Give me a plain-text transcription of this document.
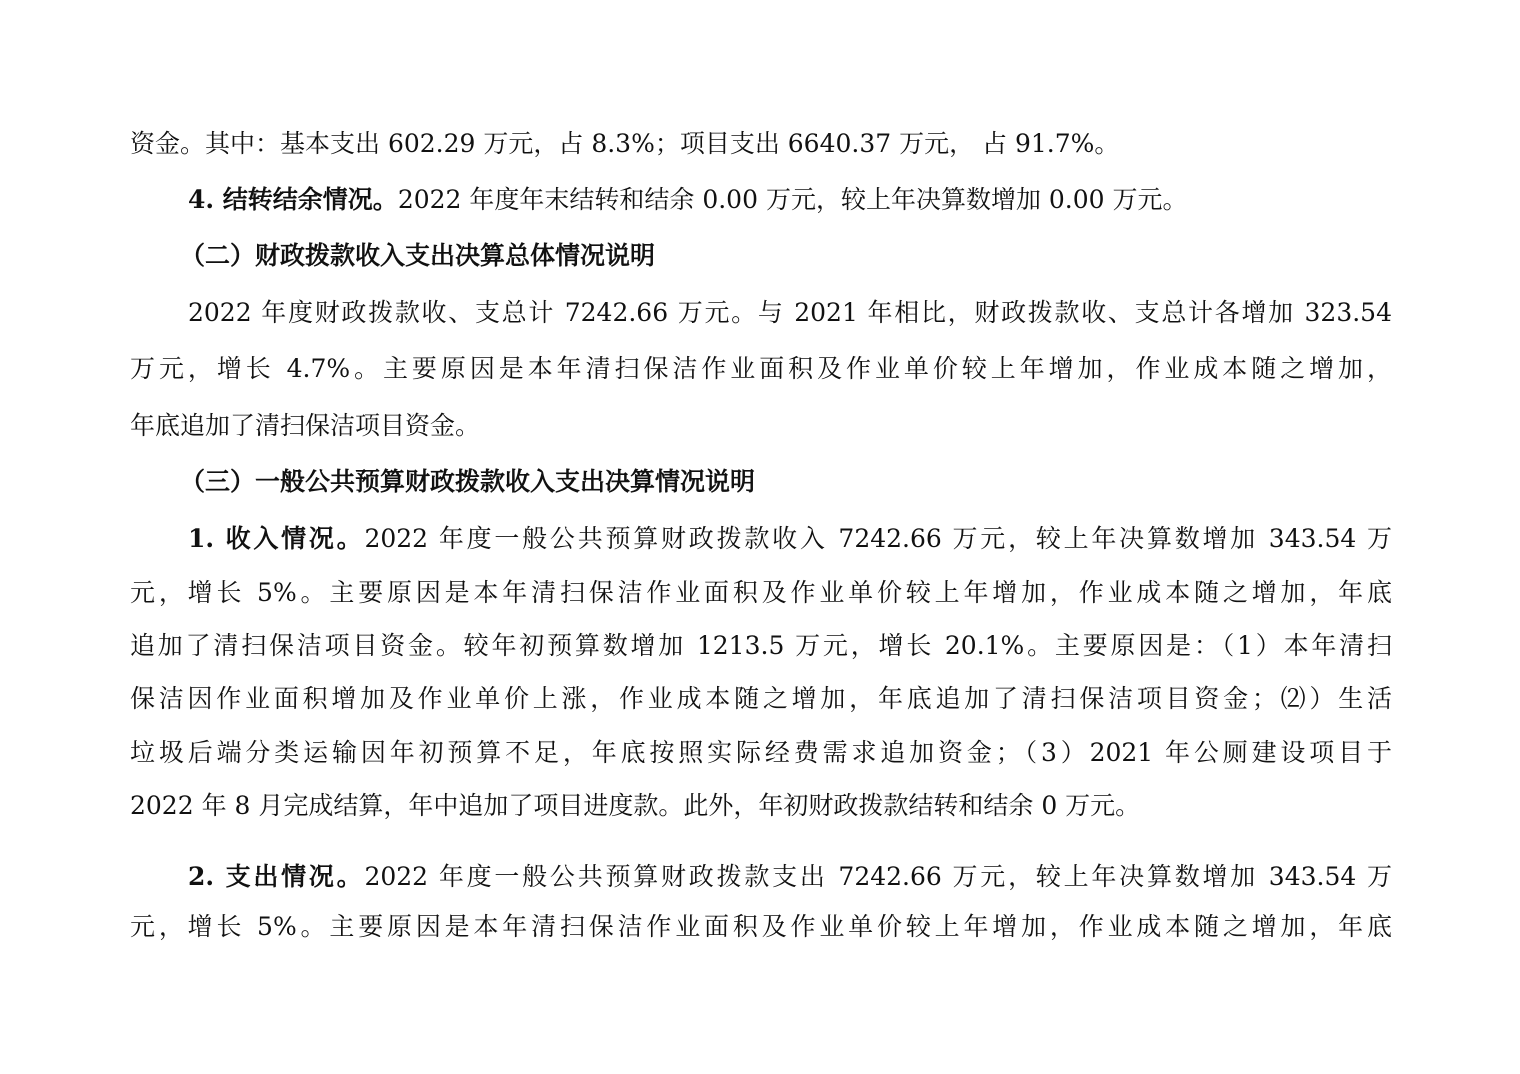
资金。其中：基本支出 602.29 万元，占 8.3%；项目支出 6640.37 万元， 占 91.7%。
4. 结转结余情况。2022 年度年末结转和结余 0.00 万元，较上年决算数增加 0.00 万元。
（二）财政拨款收入支出决算总体情况说明
2022 年度财政拨款收、支总计 7242.66 万元。与 2021 年相比，财政拨款收、支总计各增加 323.54
万元，增长 4.7%。主要原因是本年清扫保洁作业面积及作业单价较上年增加，作业成本随之增加，
年底追加了清扫保洁项目资金。
（三）一般公共预算财政拨款收入支出决算情况说明
1. 收入情况。2022 年度一般公共预算财政拨款收入 7242.66 万元，较上年决算数增加 343.54 万
元，增长 5%。主要原因是本年清扫保洁作业面积及作业单价较上年增加，作业成本随之增加，年底
追加了清扫保洁项目资金。较年初预算数增加 1213.5 万元，增长 20.1%。主要原因是：（1）本年清扫
保洁因作业面积增加及作业单价上涨，作业成本随之增加，年底追加了清扫保洁项目资金；⑵）生活
垃圾后端分类运输因年初预算不足，年底按照实际经费需求追加资金；（3）2021 年公厕建设项目于
2022 年 8 月完成结算，年中追加了项目进度款。此外，年初财政拨款结转和结余 0 万元。
2. 支出情况。2022 年度一般公共预算财政拨款支出 7242.66 万元，较上年决算数增加 343.54 万
元，增长 5%。主要原因是本年清扫保洁作业面积及作业单价较上年增加，作业成本随之增加，年底
